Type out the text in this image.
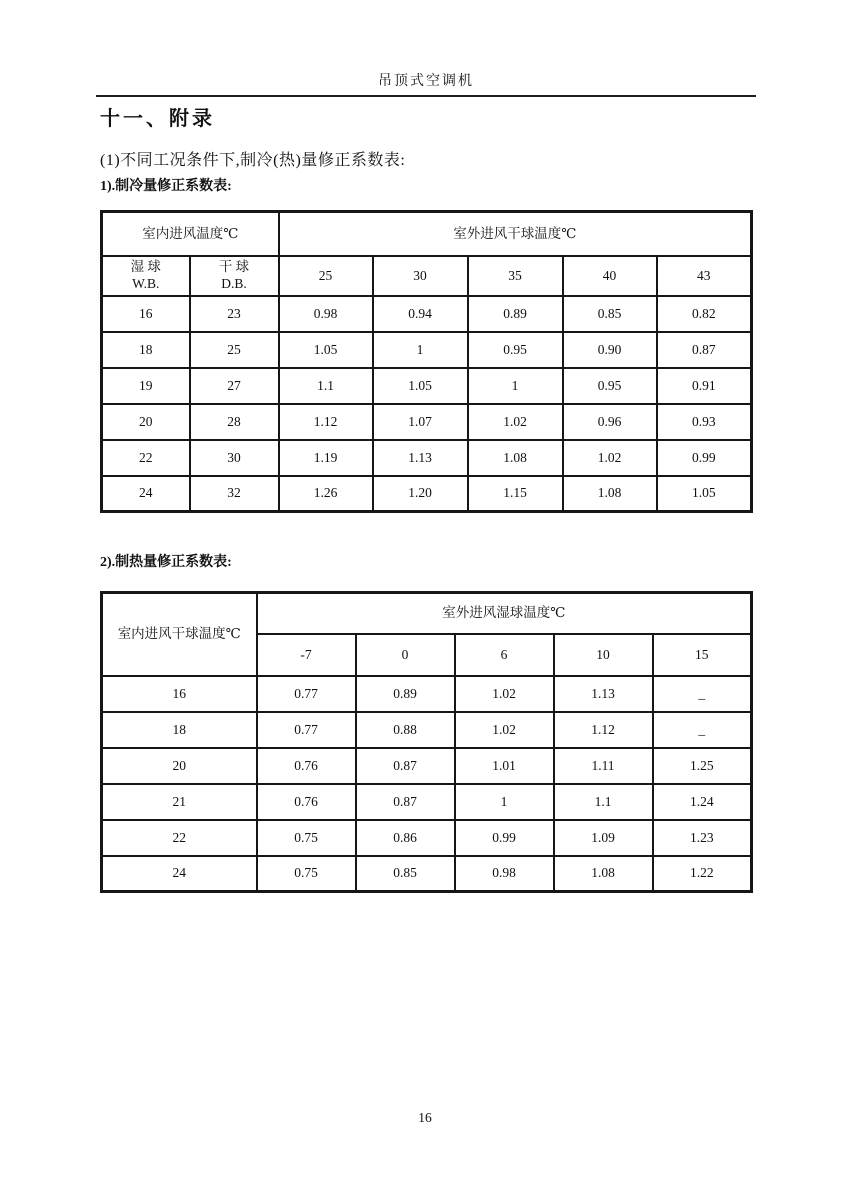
吊顶式空调机
十一、附录
(1)不同工况条件下,制冷(热)量修正系数表:
1).制冷量修正系数表:
室内进风温度℃		室外进风干球温度℃				

湿 球
W.B.	干 球
D.B.	25	30	35	40	43
16	23	0.98	0.94	0.89	0.85	0.82
18	25	1.05	1	0.95	0.90	0.87
19	27	1.1	1.05	1	0.95	0.91
20	28	1.12	1.07	1.02	0.96	0.93
22	30	1.19	1.13	1.08	1.02	0.99
24	32	1.26	1.20	1.15	1.08	1.05
2).制热量修正系数表:
室内进风干球温度℃	室外进风湿球温度℃				
	-7	0	6	10	15
16	0.77	0.89	1.02	1.13	_
18	0.77	0.88	1.02	1.12	_
20	0.76	0.87	1.01	1.11	1.25
21	0.76	0.87	1	1.1	1.24
22	0.75	0.86	0.99	1.09	1.23
24	0.75	0.85	0.98	1.08	1.22
16
